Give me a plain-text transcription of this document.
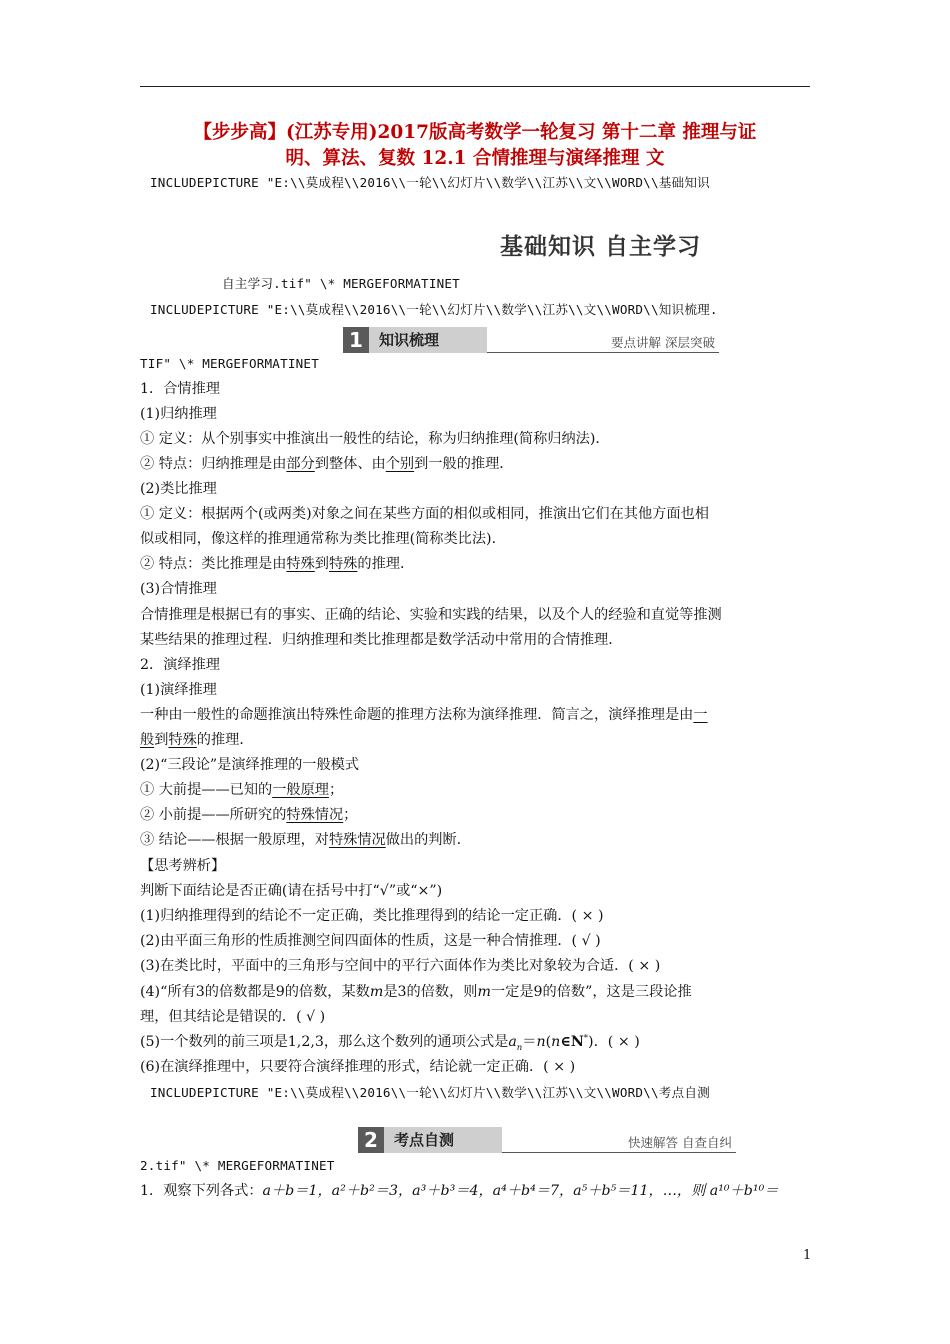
【步步高】(江苏专用)2017版高考数学一轮复习 第十二章 推理与证
明、算法、复数 12.1 合情推理与演绎推理 文
INCLUDEPICTURE "E:\\莫成程\\2016\\一轮\\幻灯片\\数学\\江苏\\文\\WORD\\基础知识
基础知识 自主学习
自主学习.tif" \* MERGEFORMATINET
INCLUDEPICTURE "E:\\莫成程\\2016\\一轮\\幻灯片\\数学\\江苏\\文\\WORD\\知识梳理.
1	知识梳理	要点讲解 深层突破
TIF" \* MERGEFORMATINET
1．合情推理
(1)归纳推理
① 定义：从个别事实中推演出一般性的结论，称为归纳推理(简称归纳法)．
② 特点：归纳推理是由部分到整体、由个别到一般的推理．
(2)类比推理
① 定义：根据两个(或两类)对象之间在某些方面的相似或相同，推演出它们在其他方面也相
似或相同，像这样的推理通常称为类比推理(简称类比法)．
② 特点：类比推理是由特殊到特殊的推理．
(3)合情推理
合情推理是根据已有的事实、正确的结论、实验和实践的结果，以及个人的经验和直觉等推测
某些结果的推理过程．归纳推理和类比推理都是数学活动中常用的合情推理．
2．演绎推理
(1)演绎推理
一种由一般性的命题推演出特殊性命题的推理方法称为演绎推理．简言之，演绎推理是由一
般到特殊的推理．
(2)“三段论”是演绎推理的一般模式
① 大前提——已知的一般原理；
② 小前提——所研究的特殊情况；
③ 结论——根据一般原理，对特殊情况做出的判断．
【思考辨析】
判断下面结论是否正确(请在括号中打“√”或“×”)
(1)归纳推理得到的结论不一定正确，类比推理得到的结论一定正确．( × )
(2)由平面三角形的性质推测空间四面体的性质，这是一种合情推理．( √ )
(3)在类比时，平面中的三角形与空间中的平行六面体作为类比对象较为合适．( × )
(4)“所有3的倍数都是9的倍数，某数m是3的倍数，则m一定是9的倍数”，这是三段论推
理，但其结论是错误的．( √ )
(5)一个数列的前三项是1,2,3，那么这个数列的通项公式是$a_n=n(n\in N^*)$．( × )
(6)在演绎推理中，只要符合演绎推理的形式，结论就一定正确．( × )
INCLUDEPICTURE "E:\\莫成程\\2016\\一轮\\幻灯片\\数学\\江苏\\文\\WORD\\考点自测
2	考点自测	快速解答 自查自纠
2.tif" \* MERGEFORMATINET
1．观察下列各式：a＋b＝1，a²＋b²＝3，a³＋b³＝4，a⁴＋b⁴＝7，a⁵＋b⁵＝11，…，则 a¹⁰＋b¹⁰＝
1
